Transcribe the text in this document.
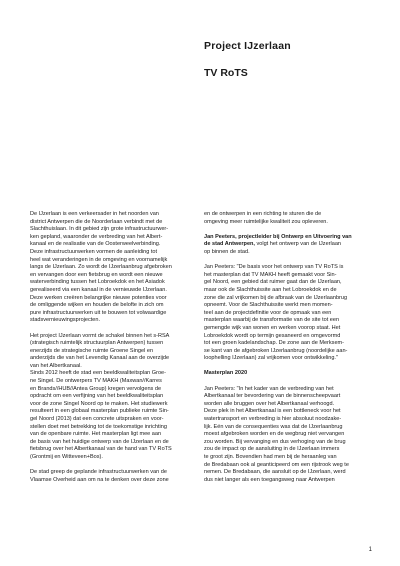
Project IJzerlaan
TV RoTS

De IJzerlaan is een verkeersader in het noorden van
district Antwerpen die de Noorderlaan verbindt met de
Slachthuislaan. In dit gebied zijn grote infrastructuurwer-
ken gepland, waaronder de verbreding van het Albert-
kanaal en de realisatie van de Oosterweelverbinding.
Deze infrastructuurwerken vormen de aanleiding tot
heel wat veranderingen in de omgeving en voornamelijk
langs de IJzerlaan. Zo wordt de IJzerlaanbrug afgebroken
en vervangen door een fietsbrug en wordt een nieuwe
waterverbinding tussen het Lobroekdok en het Asiadok
gerealiseerd via een kanaal in de vernieuwde IJzerlaan.
Deze werken creëren belangrijke nieuwe potenties voor
de omliggende wijken en houden de belofte in zich om
pure infrastructuurwerken uit te bouwen tot volwaardige
stadsvernieuwingsprojecten.

Het project IJzerlaan vormt de schakel binnen het s-RSA
(strategisch ruimtelijk structuurplan Antwerpen) tussen
enerzijds de strategische ruimte Groene Singel en
anderzijds die van het Levendig Kanaal aan de overzijde
van het Albertkanaal.

Sinds 2012 heeft de stad een beeldkwaliteitsplan Groe-
ne Singel. De ontwerpers TV MAKH (Maxwan//Karres
en Brands//HUB//Antea Group) kregen vervolgens de
opdracht om een verfijning van het beeldkwaliteitsplan
voor de zone Singel Noord op te maken. Het studiewerk
resulteert in een globaal masterplan publieke ruimte Sin-
gel Noord (2013) dat een concrete uitspraken en voor-
stellen doet met betrekking tot de toekomstige inrichting
van de openbare ruimte. Het masterplan ligt mee aan
de basis van het huidige ontwerp van de IJzerlaan en de
fietsbrug over het Albertkanaal van de hand van TV RoTS
(Grontmij en Witteveen+Bos).

De stad greep de geplande infrastructuurwerken van de
Vlaamse Overheid aan om na te denken over deze zone

en de ontwerpen in een richting te sturen die de
omgeving meer ruimtelijke kwaliteit zou opleveren.

Jan Peeters, projectleider bij Ontwerp en Uitvoering van
de stad Antwerpen, volgt het ontwerp van de IJzerlaan
op binnen de stad.

Jan Peeters: "De basis voor het ontwerp van TV RoTS is
het masterplan dat TV MAKH heeft gemaakt voor Sin-
gel Noord, een gebied dat ruimer gaat dan de IJzerlaan,
maar ook de Slachthuissite aan het Lobroekdok en de
zone die zal vrijkomen bij de afbraak van de IJzerlaanbrug
opneemt. Voor de Slachthuissite werkt men momen-
teel aan de projectdefinitie voor de opmaak van een
masterplan waarbij de transformatie van de site tot een
gemengde wijk van wonen en werken voorop staat. Het
Lobroekdok wordt op termijn gesaneerd en omgevormd
tot een groen kadelandschap. De zone aan de Merksem-
se kant van de afgebroken IJzerlaanbrug (noordelijke aan-
loophelling IJzerlaan) zal vrijkomen voor ontwikkeling."

Masterplan 2020

Jan Peeters: "In het kader van de verbreding van het
Albertkanaal ter bevordering van de binnenscheepvaart
worden alle bruggen over het Albertkanaal verhoogd.
Deze plek in het Albertkanaal is een bottleneck voor het
watertransport en verbreding is hier absoluut noodzake-
lijk. Eén van de consequenties was dat de IJzerlaanbrug
moest afgebroken worden en de wegbrug niet vervangen
zou worden. Bij vervanging en dus verhoging van de brug
zou de impact op de aansluiting in de IJzerlaan immers
te groot zijn. Bovendien had men bij de heraanleg van
de Bredabaan ook al geanticipeerd om een rijstrook weg te
nemen. De Bredabaan, die aansluit op de IJzerlaan, werd
dus niet langer als een toegangsweg naar Antwerpen

1
